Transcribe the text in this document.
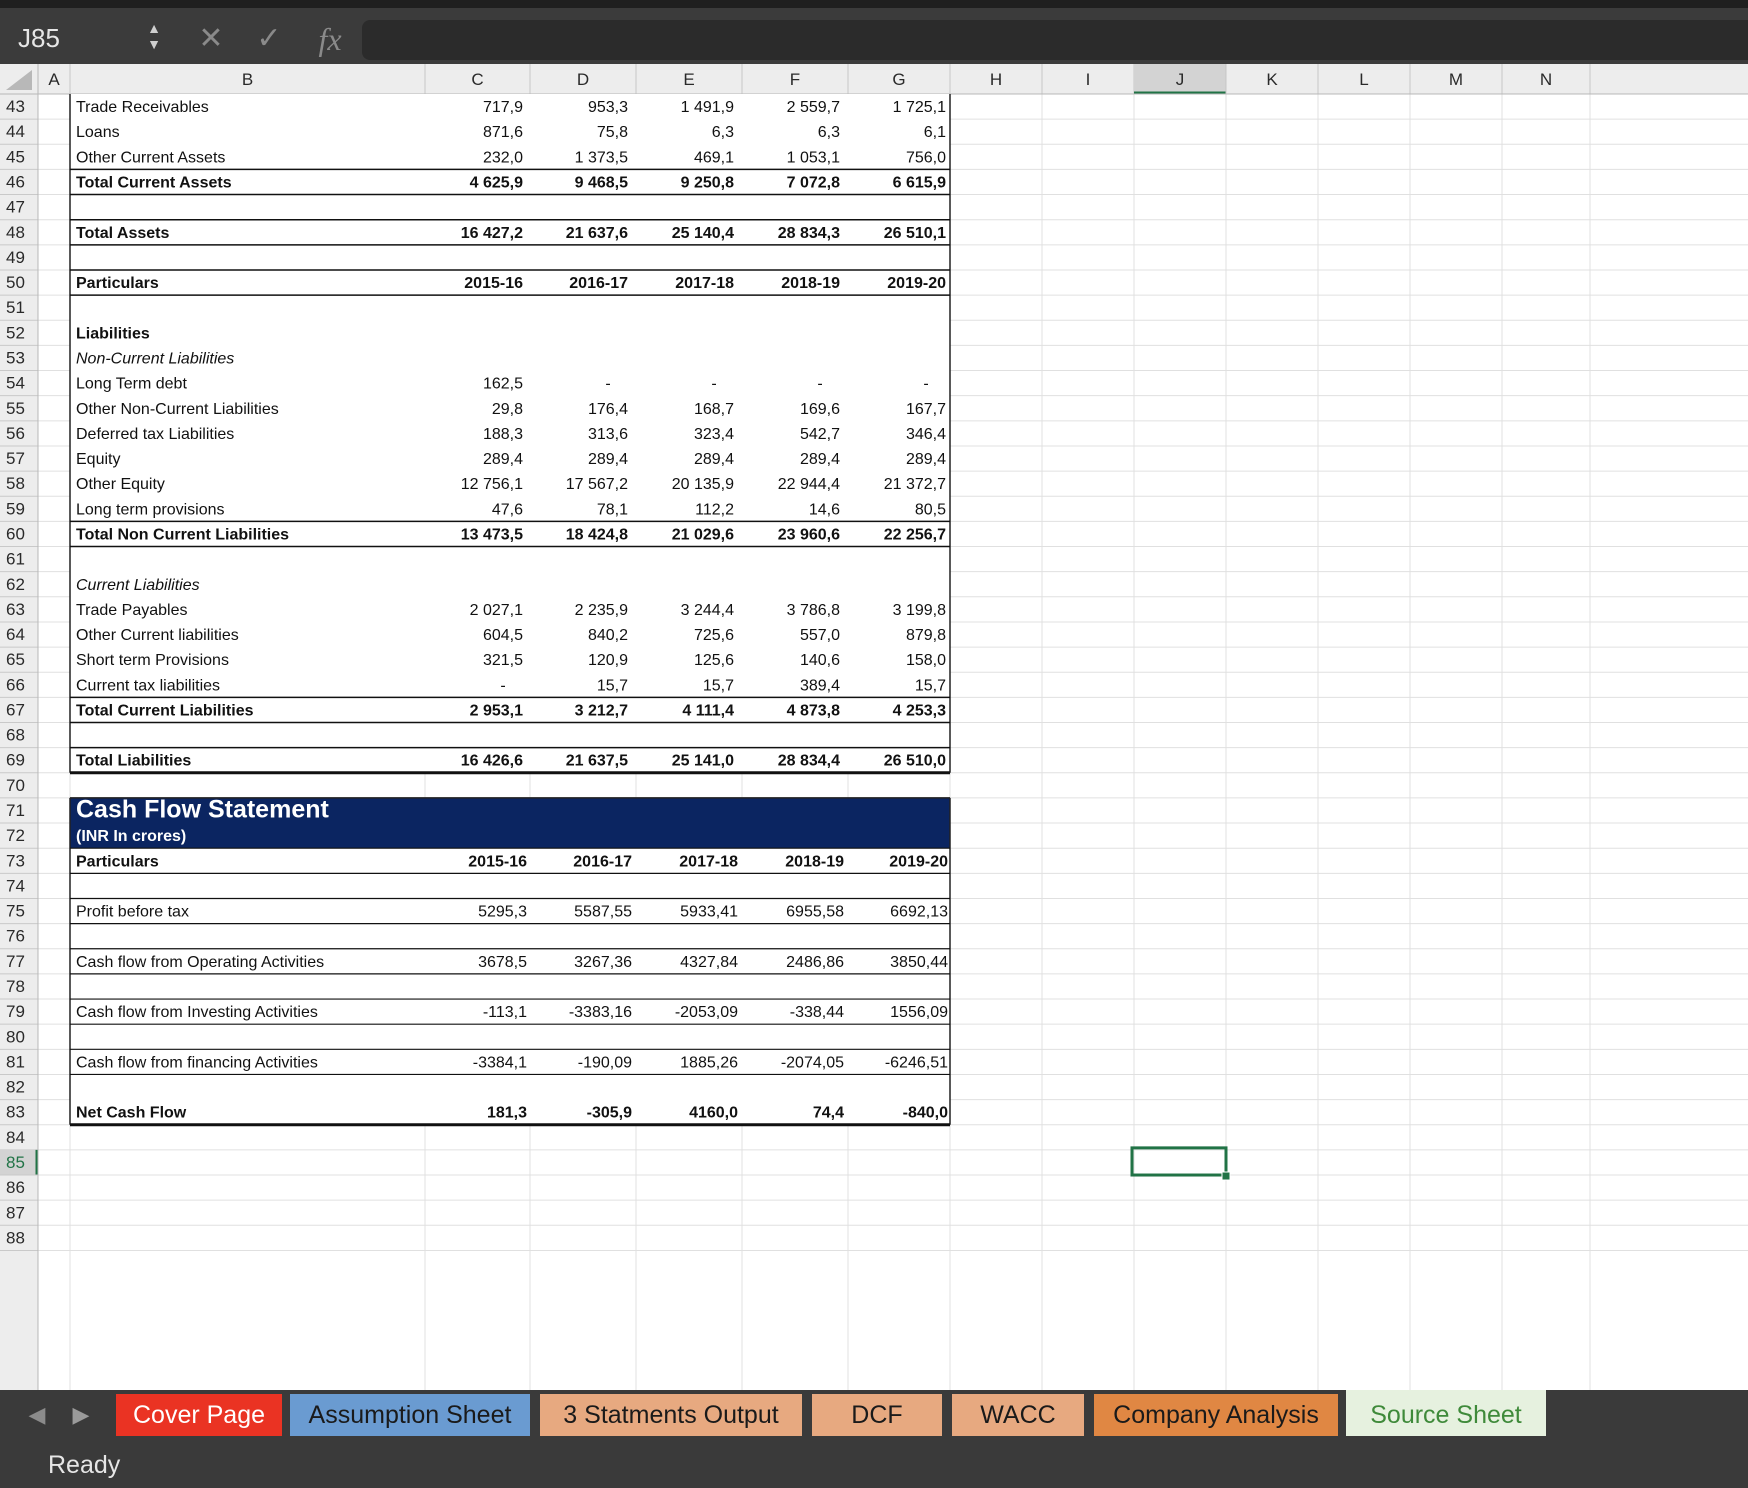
J85	▲
▼ ✕ ✓ fx
A	B	C	D	E	F	G	H	I	J	K	L	M	N
43
44
45
46
47
48
49
50
51
52
53
54
55
56
57
58
59
60
61
62
63
64
65
66
67
68
69
70
71
72
73
74
75
76
77
78
79
80
81
82
83
84
85
86
87
88
Trade Receivables	717,9	953,3	1 491,9	2 559,7	1 725,1
Loans	871,6	75,8	6,3	6,3	6,1
Other Current Assets	232,0	1 373,5	469,1	1 053,1	756,0
Total Current Assets	4 625,9	9 468,5	9 250,8	7 072,8	6 615,9
Total Assets	16 427,2	21 637,6	25 140,4	28 834,3	26 510,1
Particulars	2015-16	2016-17	2017-18	2018-19	2019-20
Liabilities
Non-Current Liabilities
Long Term debt	162,5	-	-	-	-
Other Non-Current Liabilities	29,8	176,4	168,7	169,6	167,7
Deferred tax Liabilities	188,3	313,6	323,4	542,7	346,4
Equity	289,4	289,4	289,4	289,4	289,4
Other Equity	12 756,1	17 567,2	20 135,9	22 944,4	21 372,7
Long term provisions	47,6	78,1	112,2	14,6	80,5
Total Non Current Liabilities	13 473,5	18 424,8	21 029,6	23 960,6	22 256,7
Current Liabilities
Trade Payables	2 027,1	2 235,9	3 244,4	3 786,8	3 199,8
Other Current liabilities	604,5	840,2	725,6	557,0	879,8
Short term Provisions	321,5	120,9	125,6	140,6	158,0
Current tax liabilities	-	15,7	15,7	389,4	15,7
Total Current Liabilities	2 953,1	3 212,7	4 111,4	4 873,8	4 253,3
Total Liabilities	16 426,6	21 637,5	25 141,0	28 834,4	26 510,0
Cash Flow Statement
(INR In crores)
Particulars	2015-16	2016-17	2017-18	2018-19	2019-20
Profit before tax	5295,3	5587,55	5933,41	6955,58	6692,13
Cash flow from Operating Activities	3678,5	3267,36	4327,84	2486,86	3850,44
Cash flow from Investing Activities	-113,1	-3383,16	-2053,09	-338,44	1556,09
Cash flow from financing Activities	-3384,1	-190,09	1885,26	-2074,05	-6246,51
Net Cash Flow	181,3	-305,9	4160,0	74,4	-840,0
◀ ▶	Cover Page	Assumption Sheet	3 Statments Output	DCF	WACC	Company Analysis	Source Sheet
Ready
